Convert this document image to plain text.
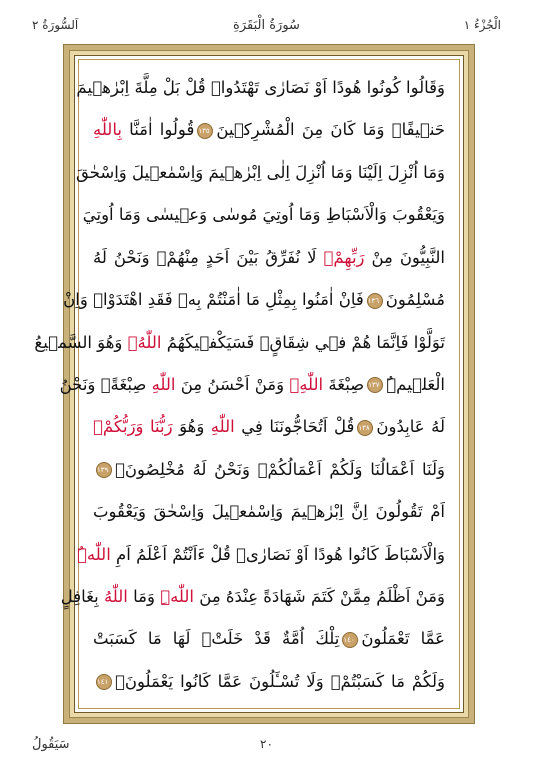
الْجُزْءُ ١
سُورَةُ الْبَقَرَةِ
اَلسُّورَةُ ٢
وَقَالُوا كُونُوا هُودًا اَوْ نَصَارٰى تَهْتَدُواۜ قُلْ بَلْ مِلَّةَ اِبْرٰهٖيمَ
حَنٖيفًاۜ وَمَا كَانَ مِنَ الْمُشْرِكٖينَ١٣٥قُولُوا اٰمَنَّا بِاللّٰهِ
وَمَا اُنْزِلَ اِلَيْنَا وَمَا اُنْزِلَ اِلٰى اِبْرٰهٖيمَ وَاِسْمٰعٖيلَ وَاِسْحٰقَ
وَيَعْقُوبَ وَالْاَسْبَاطِ وَمَا اُوتِيَ مُوسٰى وَعٖيسٰى وَمَا اُوتِيَ
النَّبِيُّونَ مِنْ رَبِّهِمْۚ لَا نُفَرِّقُ بَيْنَ اَحَدٍ مِنْهُمْۘ وَنَحْنُ لَهُ
مُسْلِمُونَ١٣٦فَاِنْ اٰمَنُوا بِمِثْلِ مَا اٰمَنْتُمْ بِهٖ فَقَدِ اهْتَدَوْاۚ وَاِنْ
تَوَلَّوْا فَاِنَّمَا هُمْ فٖي شِقَاقٍۚ فَسَيَكْفٖيكَهُمُ اللّٰهُۚ وَهُوَ السَّمٖيعُ
الْعَلٖيمُۜ١٣٧صِبْغَةَ اللّٰهِۚ وَمَنْ اَحْسَنُ مِنَ اللّٰهِ صِبْغَةًۘ وَنَحْنُ
لَهُ عَابِدُونَ١٣٨قُلْ اَتُحَاجُّونَنَا فِي اللّٰهِ وَهُوَ رَبُّنَا وَرَبُّكُمْۚ
وَلَنَا اَعْمَالُنَا وَلَكُمْ اَعْمَالُكُمْۚ وَنَحْنُ لَهُ مُخْلِصُونَۙ١٣٩
اَمْ تَقُولُونَ اِنَّ اِبْرٰهٖيمَ وَاِسْمٰعٖيلَ وَاِسْحٰقَ وَيَعْقُوبَ
وَالْاَسْبَاطَ كَانُوا هُودًا اَوْ نَصَارٰىۜ قُلْ ءَاَنْتُمْ اَعْلَمُ اَمِ اللّٰهُۜ
وَمَنْ اَظْلَمُ مِمَّنْ كَتَمَ شَهَادَةً عِنْدَهُ مِنَ اللّٰهِۜ وَمَا اللّٰهُ بِغَافِلٍ
عَمَّا تَعْمَلُونَ١٤٠تِلْكَ اُمَّةٌ قَدْ خَلَتْۚ لَهَا مَا كَسَبَتْ
وَلَكُمْ مَا كَسَبْتُمْۚ وَلَا تُسْـَٔلُونَ عَمَّا كَانُوا يَعْمَلُونَ۟١٤١
٢٠
سَيَقُولُ
